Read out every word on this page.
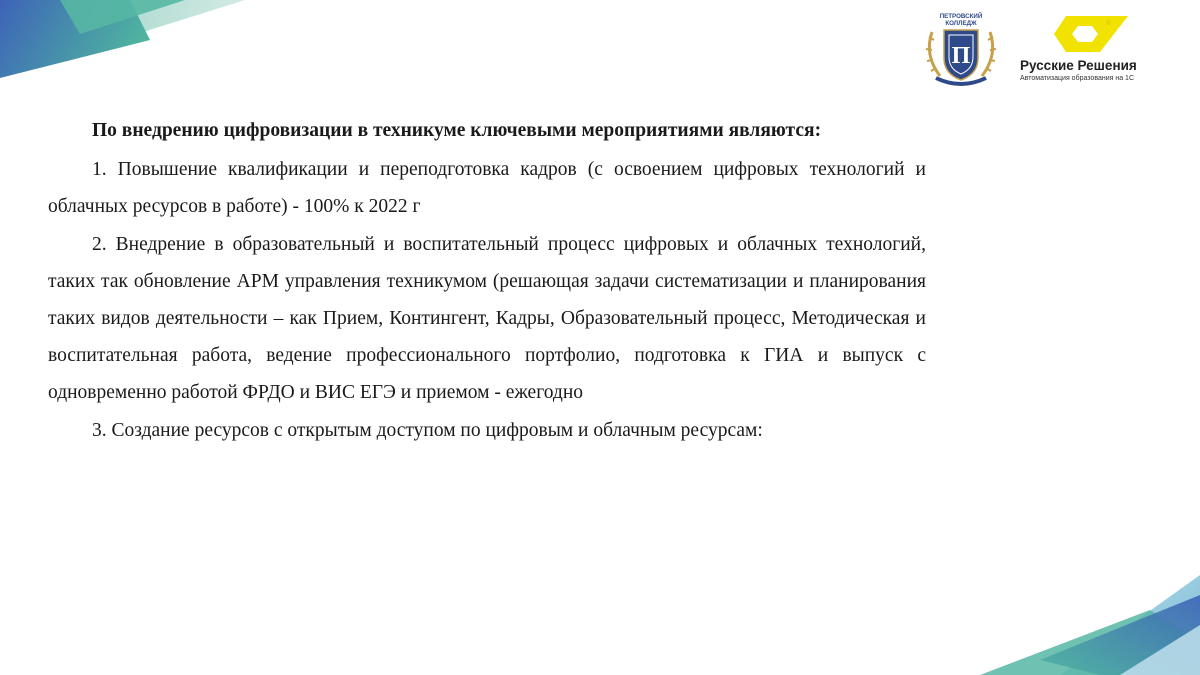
ПЕТРОВСКИЙ
КОЛЛЕДЖ
П
®
Русские Решения
Автоматизация образования на 1С

По внедрению цифровизации в техникуме ключевыми мероприятиями являются:

1. Повышение квалификации и переподготовка кадров (с освоением цифровых технологий и облачных ресурсов в работе) - 100% к 2022 г

2. Внедрение в образовательный и воспитательный процесс цифровых и облачных технологий, таких так обновление АРМ управления техникумом (решающая задачи систематизации и планирования таких видов деятельности – как Прием, Контингент, Кадры, Образовательный процесс, Методическая и воспитательная работа, ведение профессионального портфолио, подготовка к ГИА и выпуск с одновременно работой ФРДО и ВИС ЕГЭ и приемом - ежегодно

3. Создание ресурсов с открытым доступом по цифровым и облачным ресурсам:
